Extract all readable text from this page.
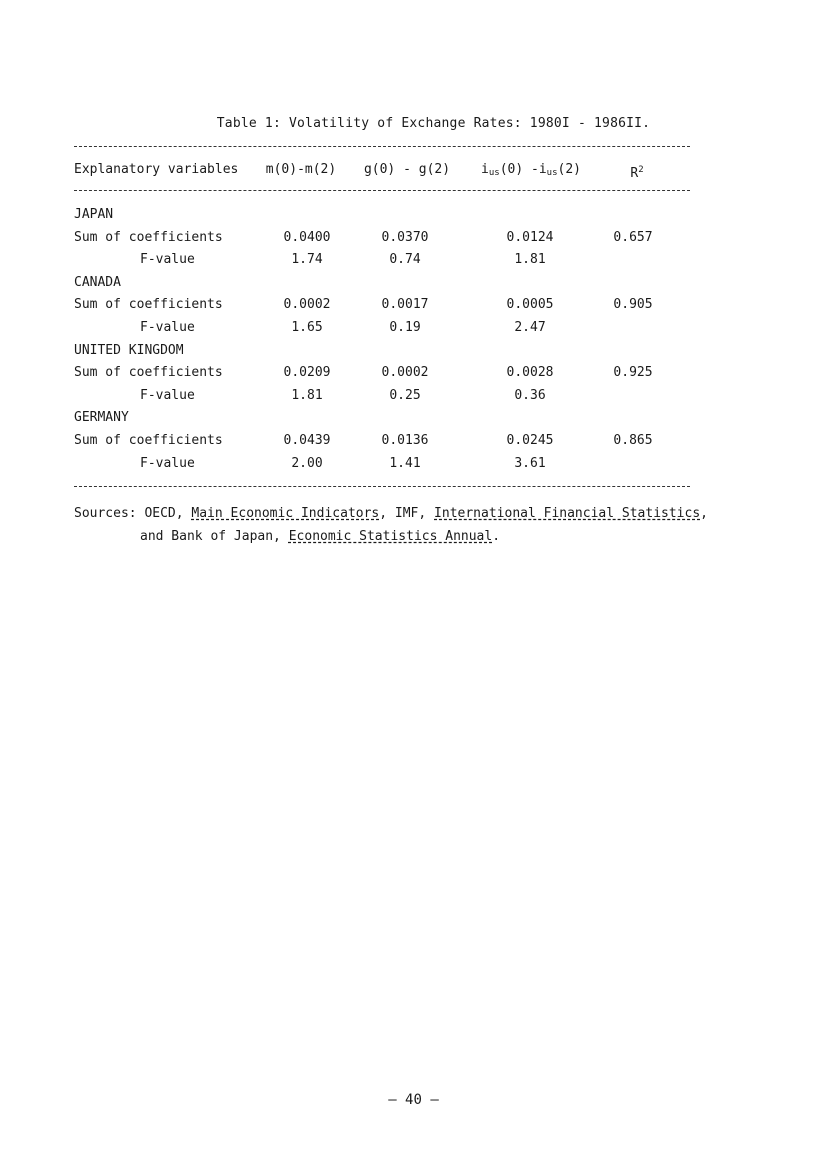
Table 1: Volatility of Exchange Rates: 1980I - 1986II.
Explanatory variables	m(0)-m(2)	g(0) - g(2)	$i_{us}(0)$ $-i_{us}(2)$	$R^2$
JAPAN
Sum of coefficients	0.0400	0.0370	0.0124	0.657
F-value	1.74	0.74	1.81
CANADA
Sum of coefficients	0.0002	0.0017	0.0005	0.905
F-value	1.65	0.19	2.47
UNITED KINGDOM
Sum of coefficients	0.0209	0.0002	0.0028	0.925
F-value	1.81	0.25	0.36
GERMANY
Sum of coefficients	0.0439	0.0136	0.0245	0.865
F-value	2.00	1.41	3.61
Sources: OECD, Main Economic Indicators, IMF, International Financial Statistics,
and Bank of Japan, Economic Statistics Annual.
— 40 —
